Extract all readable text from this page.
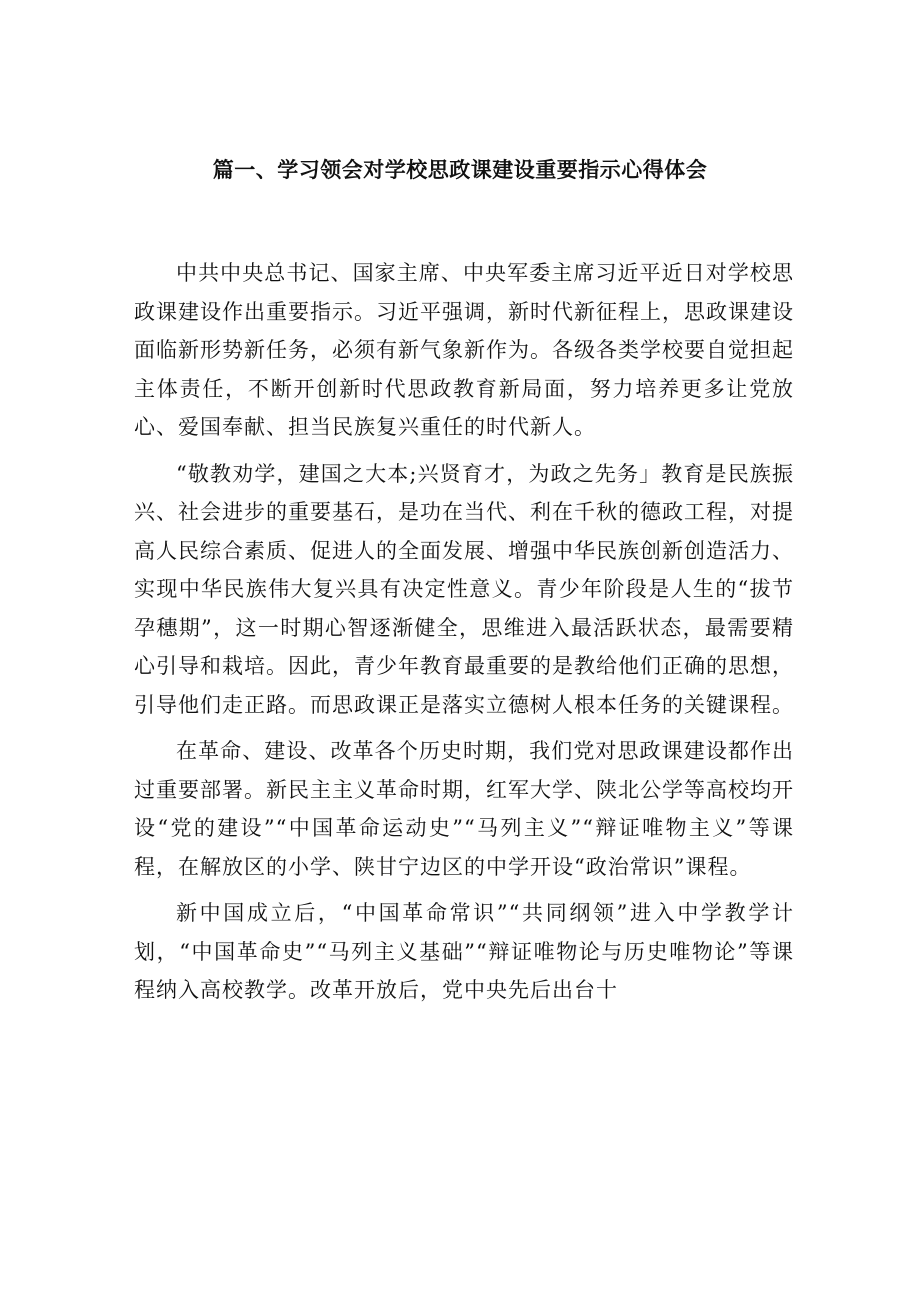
篇一、学习领会对学校思政课建设重要指示心得体会

中共中央总书记、国家主席、中央军委主席习近平近日对学校思政课建设作出重要指示。习近平强调，新时代新征程上，思政课建设面临新形势新任务，必须有新气象新作为。各级各类学校要自觉担起主体责任，不断开创新时代思政教育新局面，努力培养更多让党放心、爱国奉献、担当民族复兴重任的时代新人。

“敬教劝学，建国之大本;兴贤育才，为政之先务」教育是民族振兴、社会进步的重要基石，是功在当代、利在千秋的德政工程，对提高人民综合素质、促进人的全面发展、增强中华民族创新创造活力、实现中华民族伟大复兴具有决定性意义。青少年阶段是人生的“拔节孕穗期”，这一时期心智逐渐健全，思维进入最活跃状态，最需要精心引导和栽培。因此，青少年教育最重要的是教给他们正确的思想，引导他们走正路。而思政课正是落实立德树人根本任务的关键课程。

在革命、建设、改革各个历史时期，我们党对思政课建设都作出过重要部署。新民主主义革命时期，红军大学、陕北公学等高校均开设“党的建设”“中国革命运动史”“马列主义”“辩证唯物主义”等课程，在解放区的小学、陕甘宁边区的中学开设“政治常识”课程。

新中国成立后，“中国革命常识”“共同纲领”进入中学教学计划，“中国革命史”“马列主义基础”“辩证唯物论与历史唯物论”等课程纳入高校教学。改革开放后，党中央先后出台十
